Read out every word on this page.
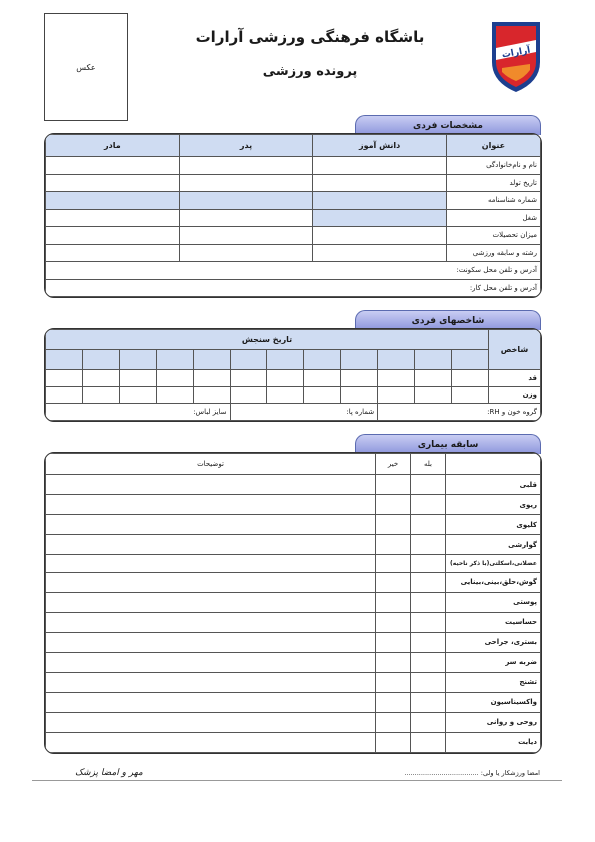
عکس
باشگاه فرهنگی ورزشی آرارات
پرونده ورزشی
آرارات
مشخصات فردی
مادر	پدر	دانش آموز	عنوان
			نام و نام‌خانوادگی
			تاریخ تولد
			شماره شناسنامه
			شغل
			میزان تحصیلات
			رشته و سابقه ورزشی
آدرس و تلفن محل سکونت:			
آدرس و تلفن محل کار:			
شاخصهای فردی
تاریخ سنجش												شاخص

												قد
												وزن
سایز لباس:					شماره پا:				گروه خون و RH:			
سابقه بیماری
توضیحات	خیر	بله	
			قلبی
			ریوی
			کلیوی
			گوارشی
			عضلانی،اسکلتی(با ذکر ناحیه)
			گوش،حلق،بینی،بینایی
			پوستی
			حساسیت
			بستری، جراحی
			ضربه سر
			تشنج
			واکسیناسیون
			روحی و روانی
			دیابت
مهر و امضا پزشک	امضا ورزشکار یا ولی: ....................................
